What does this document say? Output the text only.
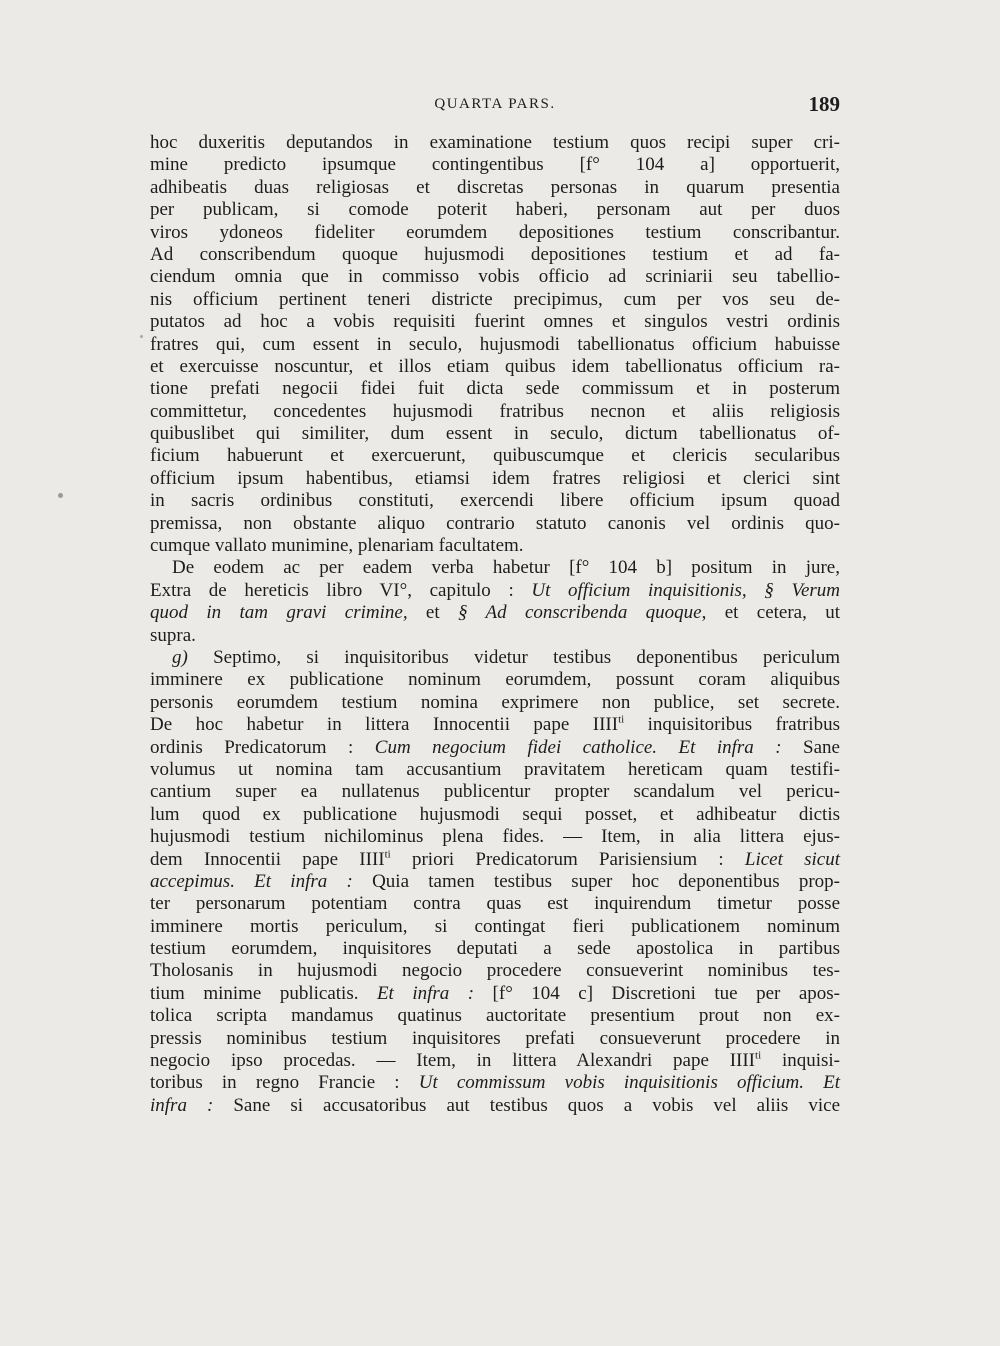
QUARTA PARS.	189
hoc duxeritis deputandos in examinatione testium quos recipi super cri-
mine predicto ipsumque contingentibus [f° 104 a] opportuerit,
adhibeatis duas religiosas et discretas personas in quarum presentia
per publicam, si comode poterit haberi, personam aut per duos
viros ydoneos fideliter eorumdem depositiones testium conscribantur.
Ad conscribendum quoque hujusmodi depositiones testium et ad fa-
ciendum omnia que in commisso vobis officio ad scriniarii seu tabellio-
nis officium pertinent teneri districte precipimus, cum per vos seu de-
putatos ad hoc a vobis requisiti fuerint omnes et singulos vestri ordinis
fratres qui, cum essent in seculo, hujusmodi tabellionatus officium habuisse
et exercuisse noscuntur, et illos etiam quibus idem tabellionatus officium ra-
tione prefati negocii fidei fuit dicta sede commissum et in posterum
committetur, concedentes hujusmodi fratribus necnon et aliis religiosis
quibuslibet qui similiter, dum essent in seculo, dictum tabellionatus of-
ficium habuerunt et exercuerunt, quibuscumque et clericis secularibus
officium ipsum habentibus, etiamsi idem fratres religiosi et clerici sint
in sacris ordinibus constituti, exercendi libere officium ipsum quoad
premissa, non obstante aliquo contrario statuto canonis vel ordinis quo-
cumque vallato munimine, plenariam facultatem.
De eodem ac per eadem verba habetur [f° 104 b] positum in jure,
Extra de hereticis libro VI°, capitulo : Ut officium inquisitionis, § Verum
quod in tam gravi crimine, et § Ad conscribenda quoque, et cetera, ut
supra.
g) Septimo, si inquisitoribus videtur testibus deponentibus periculum
imminere ex publicatione nominum eorumdem, possunt coram aliquibus
personis eorumdem testium nomina exprimere non publice, set secrete.
De hoc habetur in littera Innocentii pape $IIII^{ti}$ inquisitoribus fratribus
ordinis Predicatorum : Cum negocium fidei catholice. Et infra : Sane
volumus ut nomina tam accusantium pravitatem hereticam quam testifi-
cantium super ea nullatenus publicentur propter scandalum vel pericu-
lum quod ex publicatione hujusmodi sequi posset, et adhibeatur dictis
hujusmodi testium nichilominus plena fides. — Item, in alia littera ejus-
dem Innocentii pape $IIII^{ti}$ priori Predicatorum Parisiensium : Licet sicut
accepimus. Et infra : Quia tamen testibus super hoc deponentibus prop-
ter personarum potentiam contra quas est inquirendum timetur posse
imminere mortis periculum, si contingat fieri publicationem nominum
testium eorumdem, inquisitores deputati a sede apostolica in partibus
Tholosanis in hujusmodi negocio procedere consueverint nominibus tes-
tium minime publicatis. Et infra : [f° 104 c] Discretioni tue per apos-
tolica scripta mandamus quatinus auctoritate presentium prout non ex-
pressis nominibus testium inquisitores prefati consueverunt procedere in
negocio ipso procedas. — Item, in littera Alexandri pape $IIII^{ti}$ inquisi-
toribus in regno Francie : Ut commissum vobis inquisitionis officium. Et
infra : Sane si accusatoribus aut testibus quos a vobis vel aliis vice
